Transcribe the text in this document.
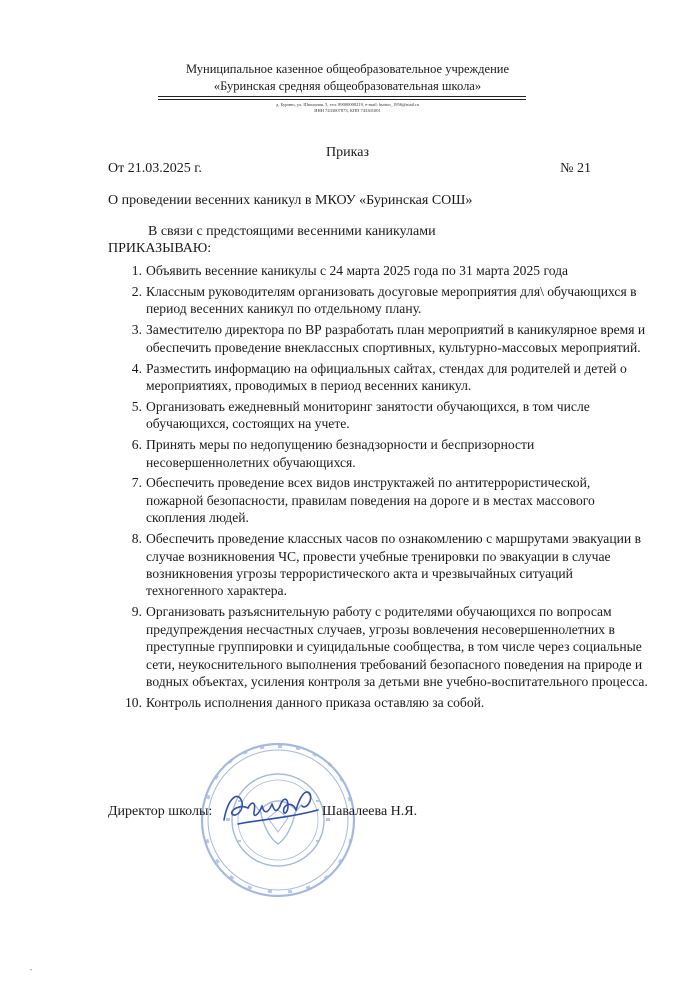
Муниципальное казенное общеобразовательное учреждение
«Буринская средняя общеобразовательная школа»
д. Бурино, ул. Школьная, 5, тел. 89000000219, e-mail: burino_1956@mail.ru
ИНН 7433007873, КПП 743301001
Приказ
От 21.03.2025 г.	№ 21
О проведении весенних каникул в МКОУ «Буринская СОШ»
В связи с предстоящими весенними каникулами
ПРИКАЗЫВАЮ:
1. Объявить весенние каникулы с 24 марта 2025 года по 31 марта 2025 года
2. Классным руководителям организовать досуговые мероприятия для\ обучающихся в период весенних каникул по отдельному плану.
3. Заместителю директора по ВР разработать план мероприятий в каникулярное время и обеспечить проведение внеклассных спортивных, культурно-массовых мероприятий.
4. Разместить информацию на официальных сайтах, стендах для родителей и детей о мероприятиях, проводимых в период весенних каникул.
5. Организовать ежедневный мониторинг занятости обучающихся, в том числе обучающихся, состоящих на учете.
6. Принять меры по недопущению безнадзорности и беспризорности несовершеннолетних обучающихся.
7. Обеспечить проведение всех видов инструктажей по антитеррористической, пожарной безопасности, правилам поведения на дороге и в местах массового скопления людей.
8. Обеспечить проведение классных часов по ознакомлению с маршрутами эвакуации в случае возникновения ЧС, провести учебные тренировки по эвакуации в случае возникновения угрозы террористического акта и чрезвычайных ситуаций техногенного характера.
9. Организовать разъяснительную работу с родителями обучающихся по вопросам предупреждения несчастных случаев, угрозы вовлечения несовершеннолетних в преступные группировки и суицидальные сообщества, в том числе через социальные сети, неукоснительного выполнения требований безопасного поведения на природе и водных объектах, усиления контроля за детьми вне учебно-воспитательного процесса.
10. Контроль исполнения данного приказа оставляю за собой.
Директор школы:	Шавалеева Н.Я.
•
